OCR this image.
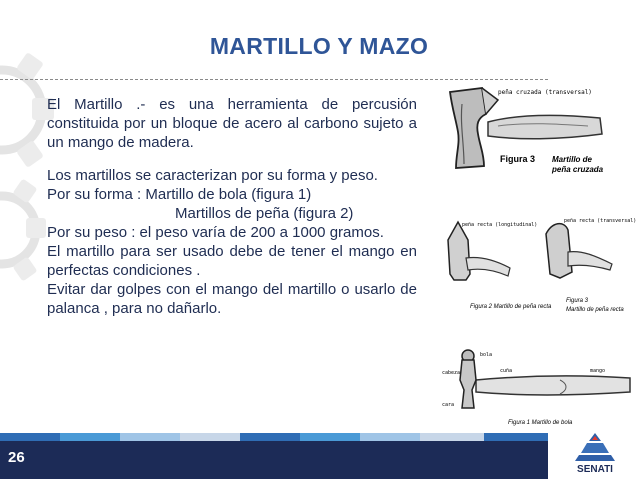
MARTILLO Y MAZO

El Martillo .- es una herramienta de percusión constituida por un bloque de acero al carbono sujeto a un mango de madera.

Los martillos se caracterizan por su forma y peso.

Por su forma : Martillo de bola (figura 1)

Martillos de peña (figura 2)

Por su peso : el peso varía de 200 a 1000 gramos.

El martillo para ser usado debe de tener el mango en perfectas condiciones .

Evitar dar golpes con el mango del martillo o usarlo de palanca , para no dañarlo.

peña cruzada (transversal)
Figura 3 Martillo de
peña cruzada
peña recta (longitudinal)
peña recta (transversal)
Figura 2 Martillo de peña recta
Figura 3
Martillo de peña recta
bola
cabeza	mango
cuña
cara
Figura 1 Martillo de bola
26
SENATI
